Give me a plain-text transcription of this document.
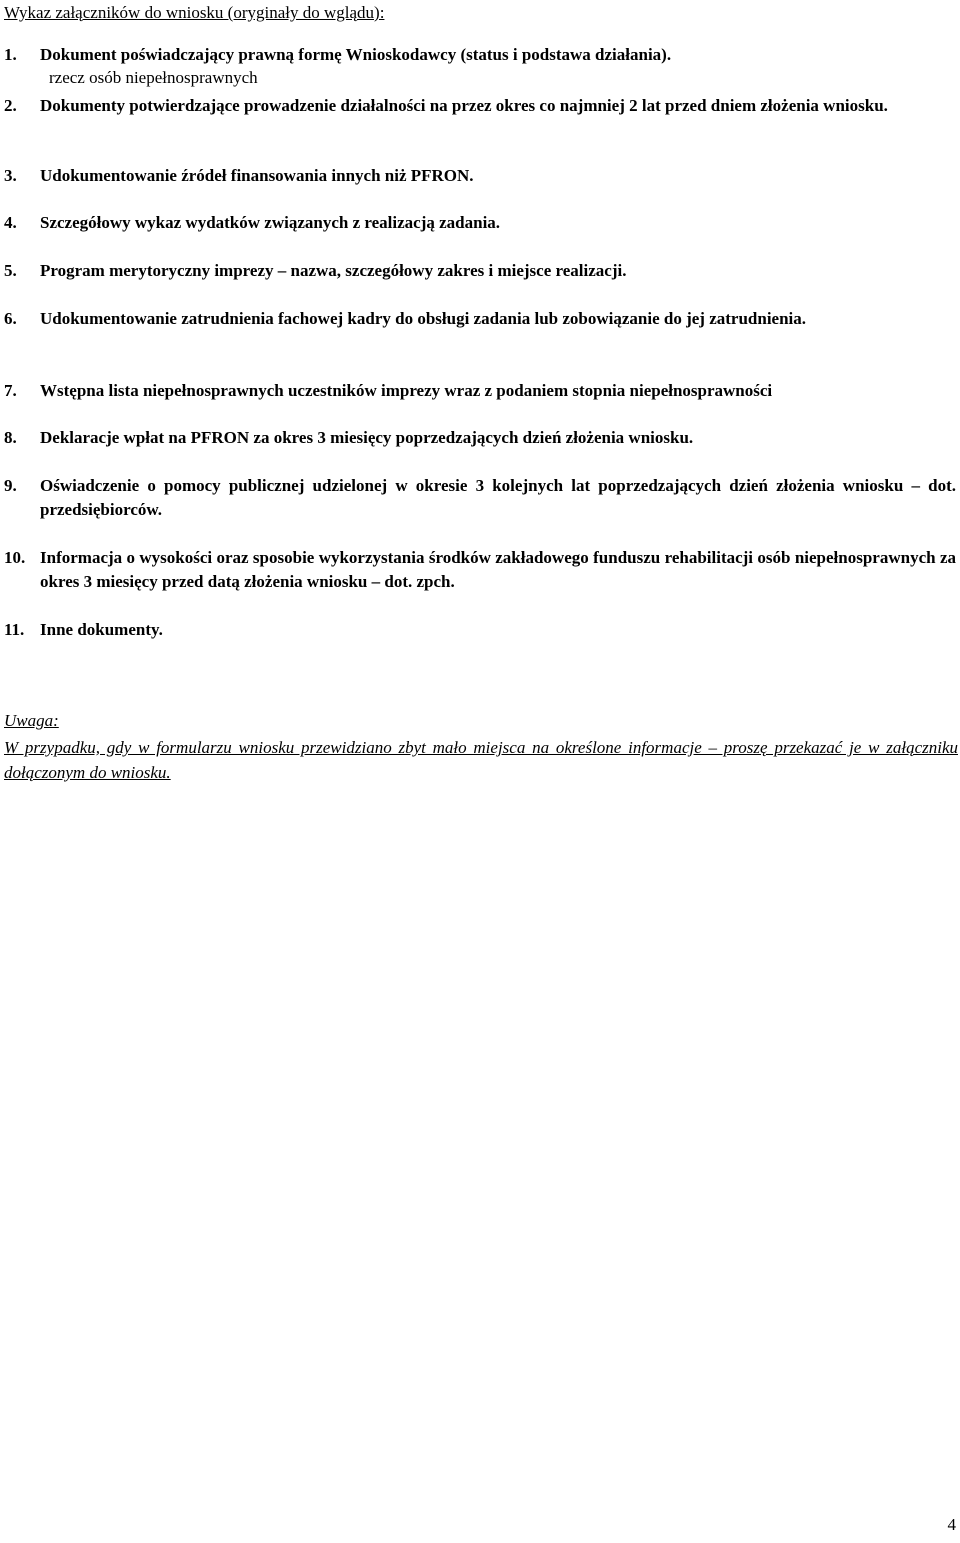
Wykaz załączników do wniosku (oryginały do wglądu):
1.	Dokument poświadczający prawną formę Wnioskodawcy (status i podstawa działania).
rzecz osób niepełnosprawnych
2.	Dokumenty potwierdzające prowadzenie działalności na przez okres co najmniej 2 lat przed dniem złożenia wniosku.
3.	Udokumentowanie źródeł finansowania innych niż PFRON.
4.	Szczegółowy wykaz wydatków związanych z realizacją zadania.
5.	Program merytoryczny imprezy – nazwa, szczegółowy zakres i miejsce realizacji.
6.	Udokumentowanie zatrudnienia fachowej kadry do obsługi zadania lub zobowiązanie do jej zatrudnienia.
7.	Wstępna lista niepełnosprawnych uczestników imprezy wraz z podaniem stopnia niepełnosprawności
8.	Deklaracje wpłat na PFRON za okres 3 miesięcy poprzedzających dzień złożenia wniosku.
9.	Oświadczenie o pomocy publicznej udzielonej w okresie 3 kolejnych lat poprzedzających dzień złożenia wniosku – dot. przedsiębiorców.
10. Informacja o wysokości oraz sposobie wykorzystania środków zakładowego funduszu rehabilitacji osób niepełnosprawnych za okres 3 miesięcy przed datą złożenia wniosku – dot. zpch.
11. Inne dokumenty.
Uwaga:
W przypadku, gdy w formularzu wniosku przewidziano zbyt mało miejsca na określone informacje – proszę przekazać je w załączniku dołączonym do wniosku.
4
